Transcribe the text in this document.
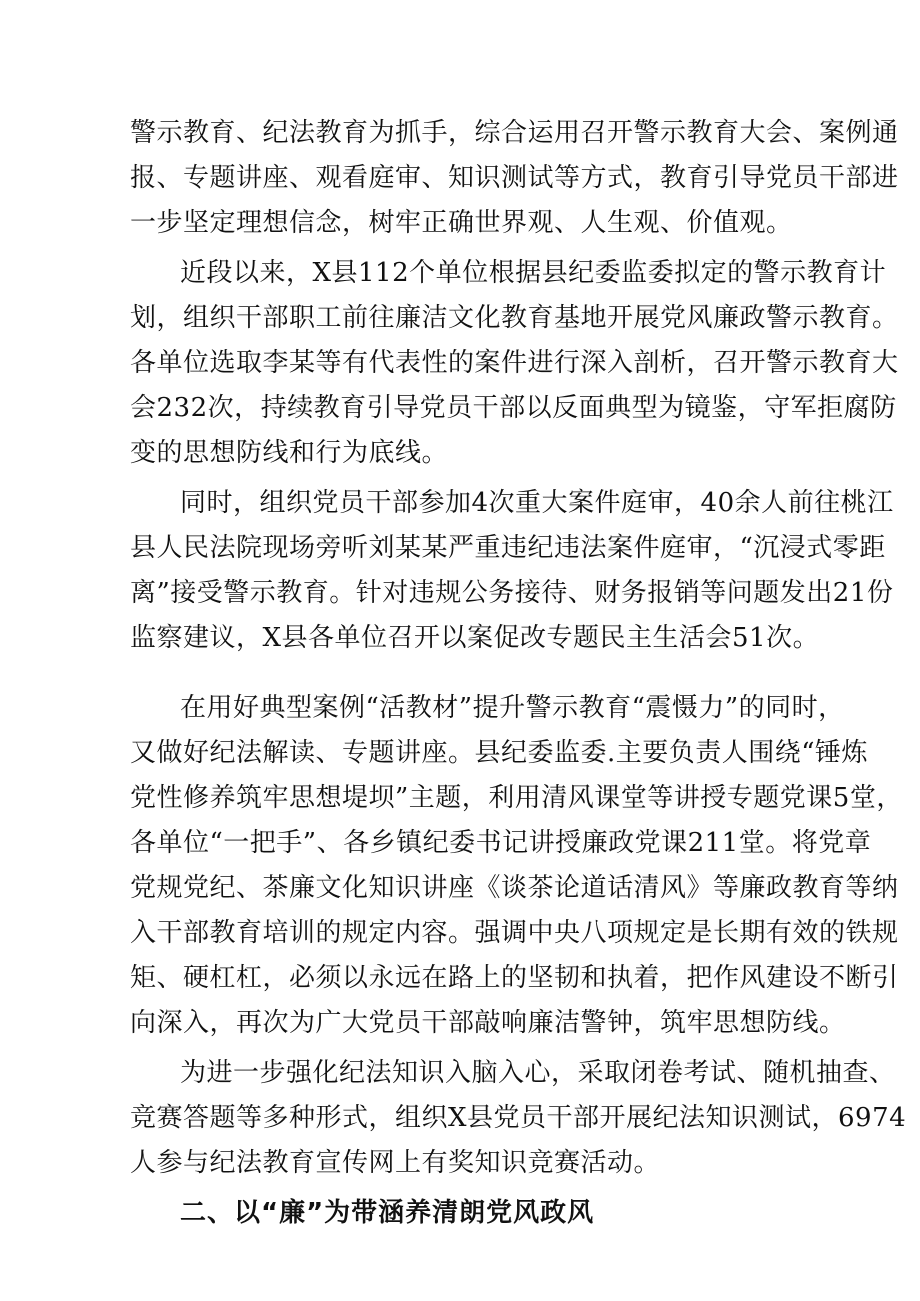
警示教育、纪法教育为抓手，综合运用召开警示教育大会、案例通
报、专题讲座、观看庭审、知识测试等方式，教育引导党员干部进
一步坚定理想信念，树牢正确世界观、人生观、价值观。
近段以来，X县112个单位根据县纪委监委拟定的警示教育计
划，组织干部职工前往廉洁文化教育基地开展党风廉政警示教育。
各单位选取李某等有代表性的案件进行深入剖析，召开警示教育大
会232次，持续教育引导党员干部以反面典型为镜鉴，守军拒腐防
变的思想防线和行为底线。
同时，组织党员干部参加4次重大案件庭审，40余人前往桃江
县人民法院现场旁听刘某某严重违纪违法案件庭审，“沉浸式零距
离”接受警示教育。针对违规公务接待、财务报销等问题发出21份
监察建议，X县各单位召开以案促改专题民主生活会51次。
在用好典型案例“活教材”提升警示教育“震慑力”的同时，
又做好纪法解读、专题讲座。县纪委监委.主要负责人围绕“锤炼
党性修养筑牢思想堤坝”主题，利用清风课堂等讲授专题党课5堂，
各单位“一把手”、各乡镇纪委书记讲授廉政党课211堂。将党章
党规党纪、茶廉文化知识讲座《谈茶论道话清风》等廉政教育等纳
入干部教育培训的规定内容。强调中央八项规定是长期有效的铁规
矩、硬杠杠，必须以永远在路上的坚韧和执着，把作风建设不断引
向深入，再次为广大党员干部敲响廉洁警钟，筑牢思想防线。
为进一步强化纪法知识入脑入心，采取闭卷考试、随机抽查、
竞赛答题等多种形式，组织X县党员干部开展纪法知识测试，6974
人参与纪法教育宣传网上有奖知识竞赛活动。
二、以“廉”为带涵养清朗党风政风
